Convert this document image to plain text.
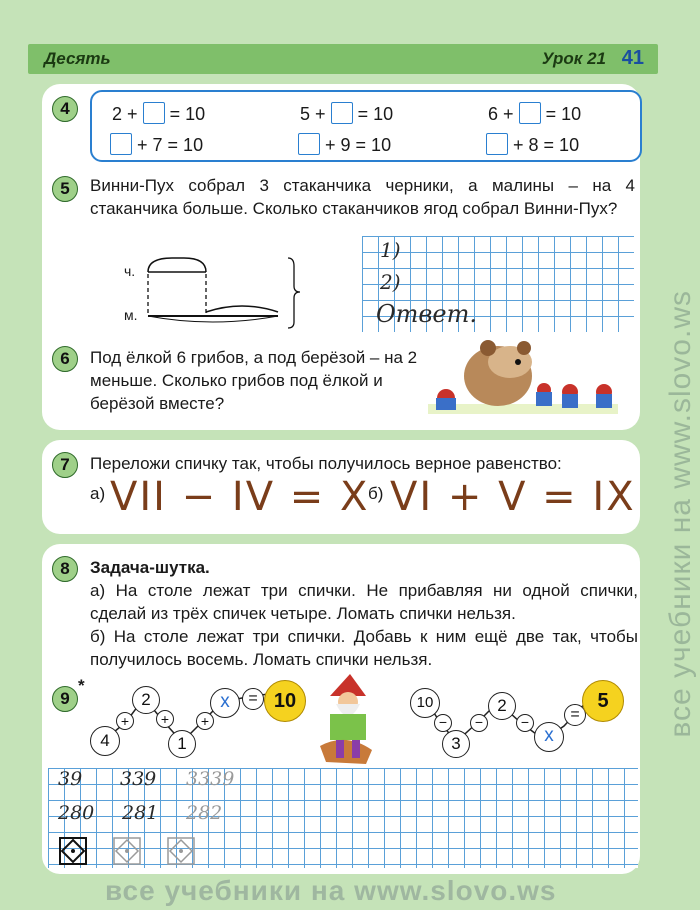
Десять	Урок 21 41
4	2 + = 10	5 + = 10	6 + = 10
+ 7 = 10	+ 9 = 10	+ 8 = 10
5	Винни-Пух собрал 3 стаканчика черники, а малины – на 4 стаканчика больше. Сколько стаканчиков ягод собрал Винни-Пух?
ч.
м.
1)
2)
Ответ.
6	Под ёлкой 6 грибов, а под берёзой – на 2 меньше. Сколько грибов под ёлкой и берёзой вместе?
7	Переложи спичку так, чтобы получилось верное равенство:
а) VII − IV = X
б) VI + V = IX
8	Задача-шутка.
а) На столе лежат три спички. Не прибавляя ни одной спички, сделай из трёх спичек четыре. Ломать спички нельзя.
б) На столе лежат три спички. Добавь к ним ещё две так, чтобы получилось восемь. Ломать спички нельзя.
9
*
4
+
2
+
1
+
x	= 10	10
−
3
−
2
−
x
=
5
39 339 3339
280 281 282
все учебники на www.slovo.ws
все учебники на www.slovo.ws
